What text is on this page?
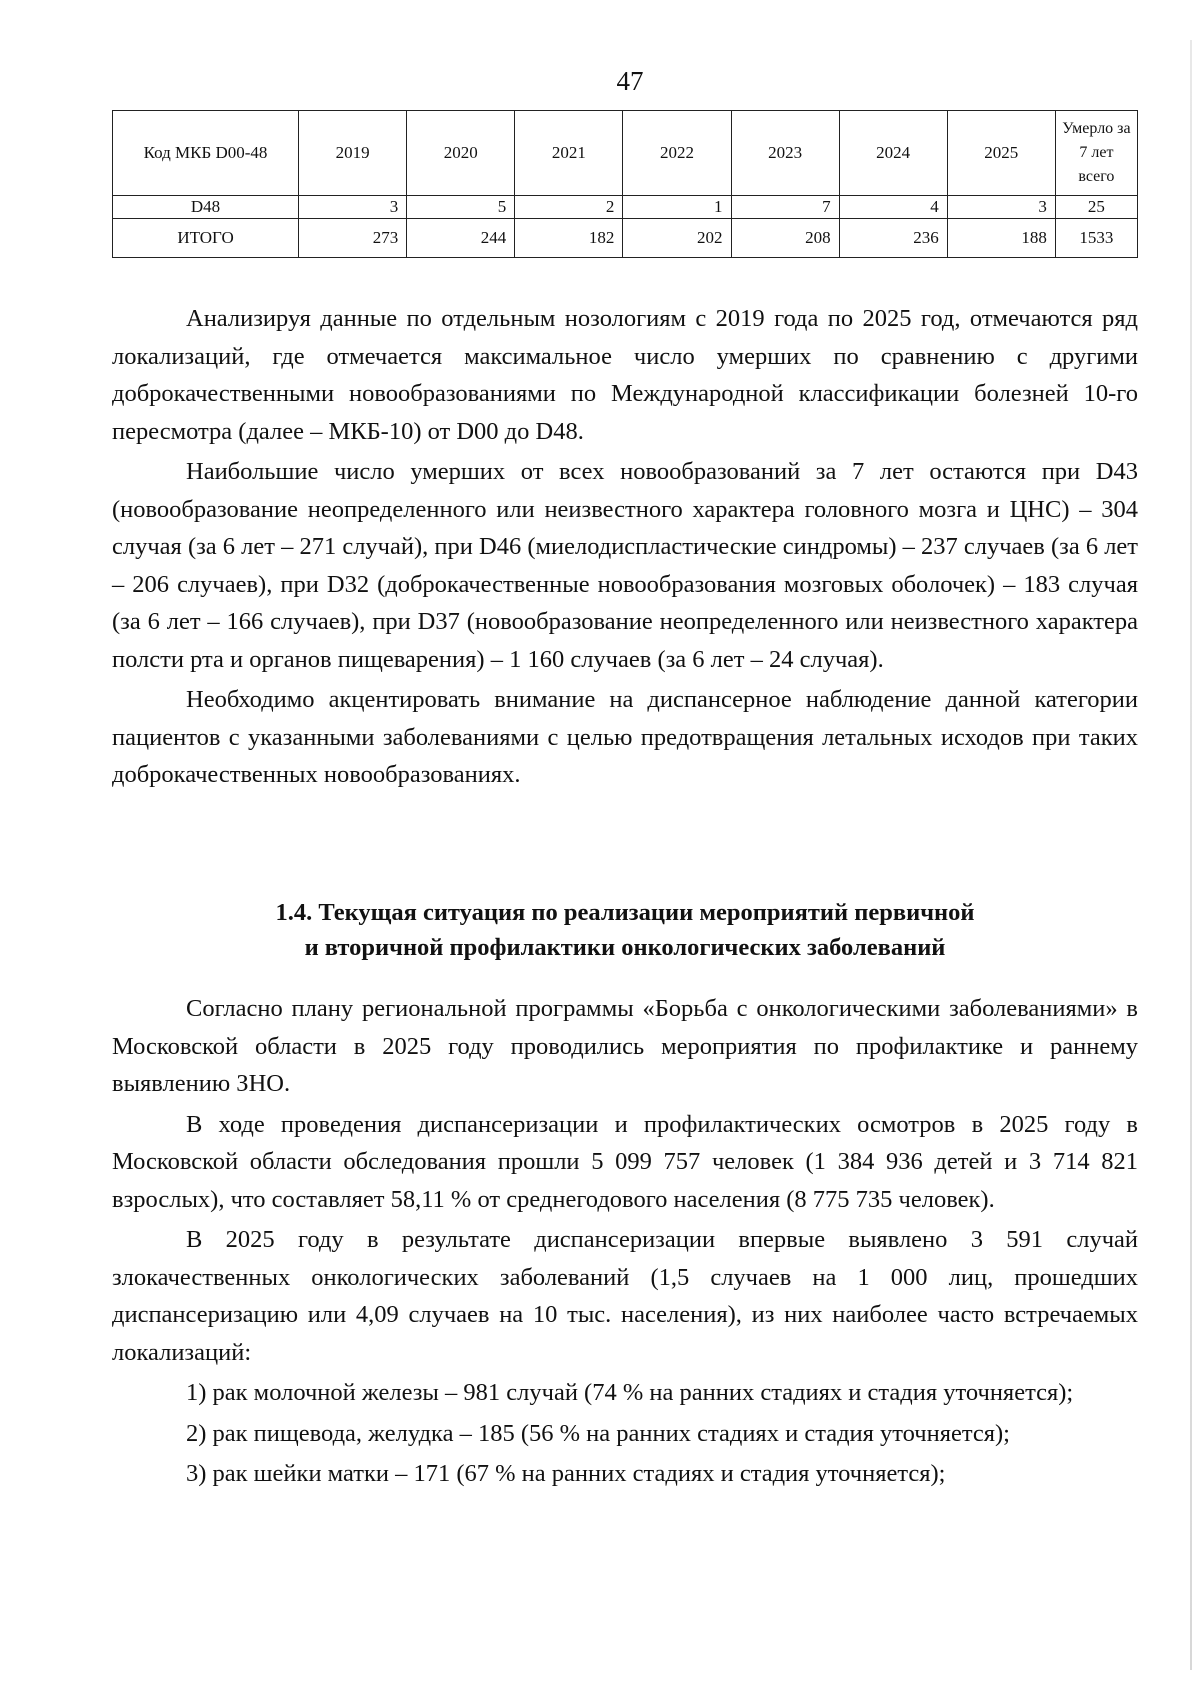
47
Код МКБ D00-48	2019	2020	2021	2022	2023	2024	2025	Умерло за 7 лет всего
D48	3	5	2	1	7	4	3	25
ИТОГО	273	244	182	202	208	236	188	1533

Анализируя данные по отдельным нозологиям с 2019 года по 2025 год, отмечаются ряд локализаций, где отмечается максимальное число умерших по сравнению с другими доброкачественными новообразованиями по Международной классификации болезней 10-го пересмотра (далее – МКБ-10) от D00 до D48.

Наибольшие число умерших от всех новообразований за 7 лет остаются при D43 (новообразование неопределенного или неизвестного характера головного мозга и ЦНС) – 304 случая (за 6 лет – 271 случай), при D46 (миелодиспластические синдромы) – 237 случаев (за 6 лет – 206 случаев), при D32 (доброкачественные новообразования мозговых оболочек) – 183 случая (за 6 лет – 166 случаев), при D37 (новообразование неопределенного или неизвестного характера полсти рта и органов пищеварения) – 1 160 случаев (за 6 лет – 24 случая).

Необходимо акцентировать внимание на диспансерное наблюдение данной категории пациентов с указанными заболеваниями с целью предотвращения летальных исходов при таких доброкачественных новообразованиях.

1.4. Текущая ситуация по реализации мероприятий первичной
и вторичной профилактики онкологических заболеваний

Согласно плану региональной программы «Борьба с онкологическими заболеваниями» в Московской области в 2025 году проводились мероприятия по профилактике и раннему выявлению ЗНО.

В ходе проведения диспансеризации и профилактических осмотров в 2025 году в Московской области обследования прошли 5 099 757 человек (1 384 936 детей и 3 714 821 взрослых), что составляет 58,11 % от среднегодового населения (8 775 735 человек).

В 2025 году в результате диспансеризации впервые выявлено 3 591 случай злокачественных онкологических заболеваний (1,5 случаев на 1 000 лиц, прошедших диспансеризацию или 4,09 случаев на 10 тыс. населения), из них наиболее часто встречаемых локализаций:

1) рак молочной железы – 981 случай (74 % на ранних стадиях и стадия уточняется);

2) рак пищевода, желудка – 185 (56 % на ранних стадиях и стадия уточняется);

3) рак шейки матки – 171 (67 % на ранних стадиях и стадия уточняется);
